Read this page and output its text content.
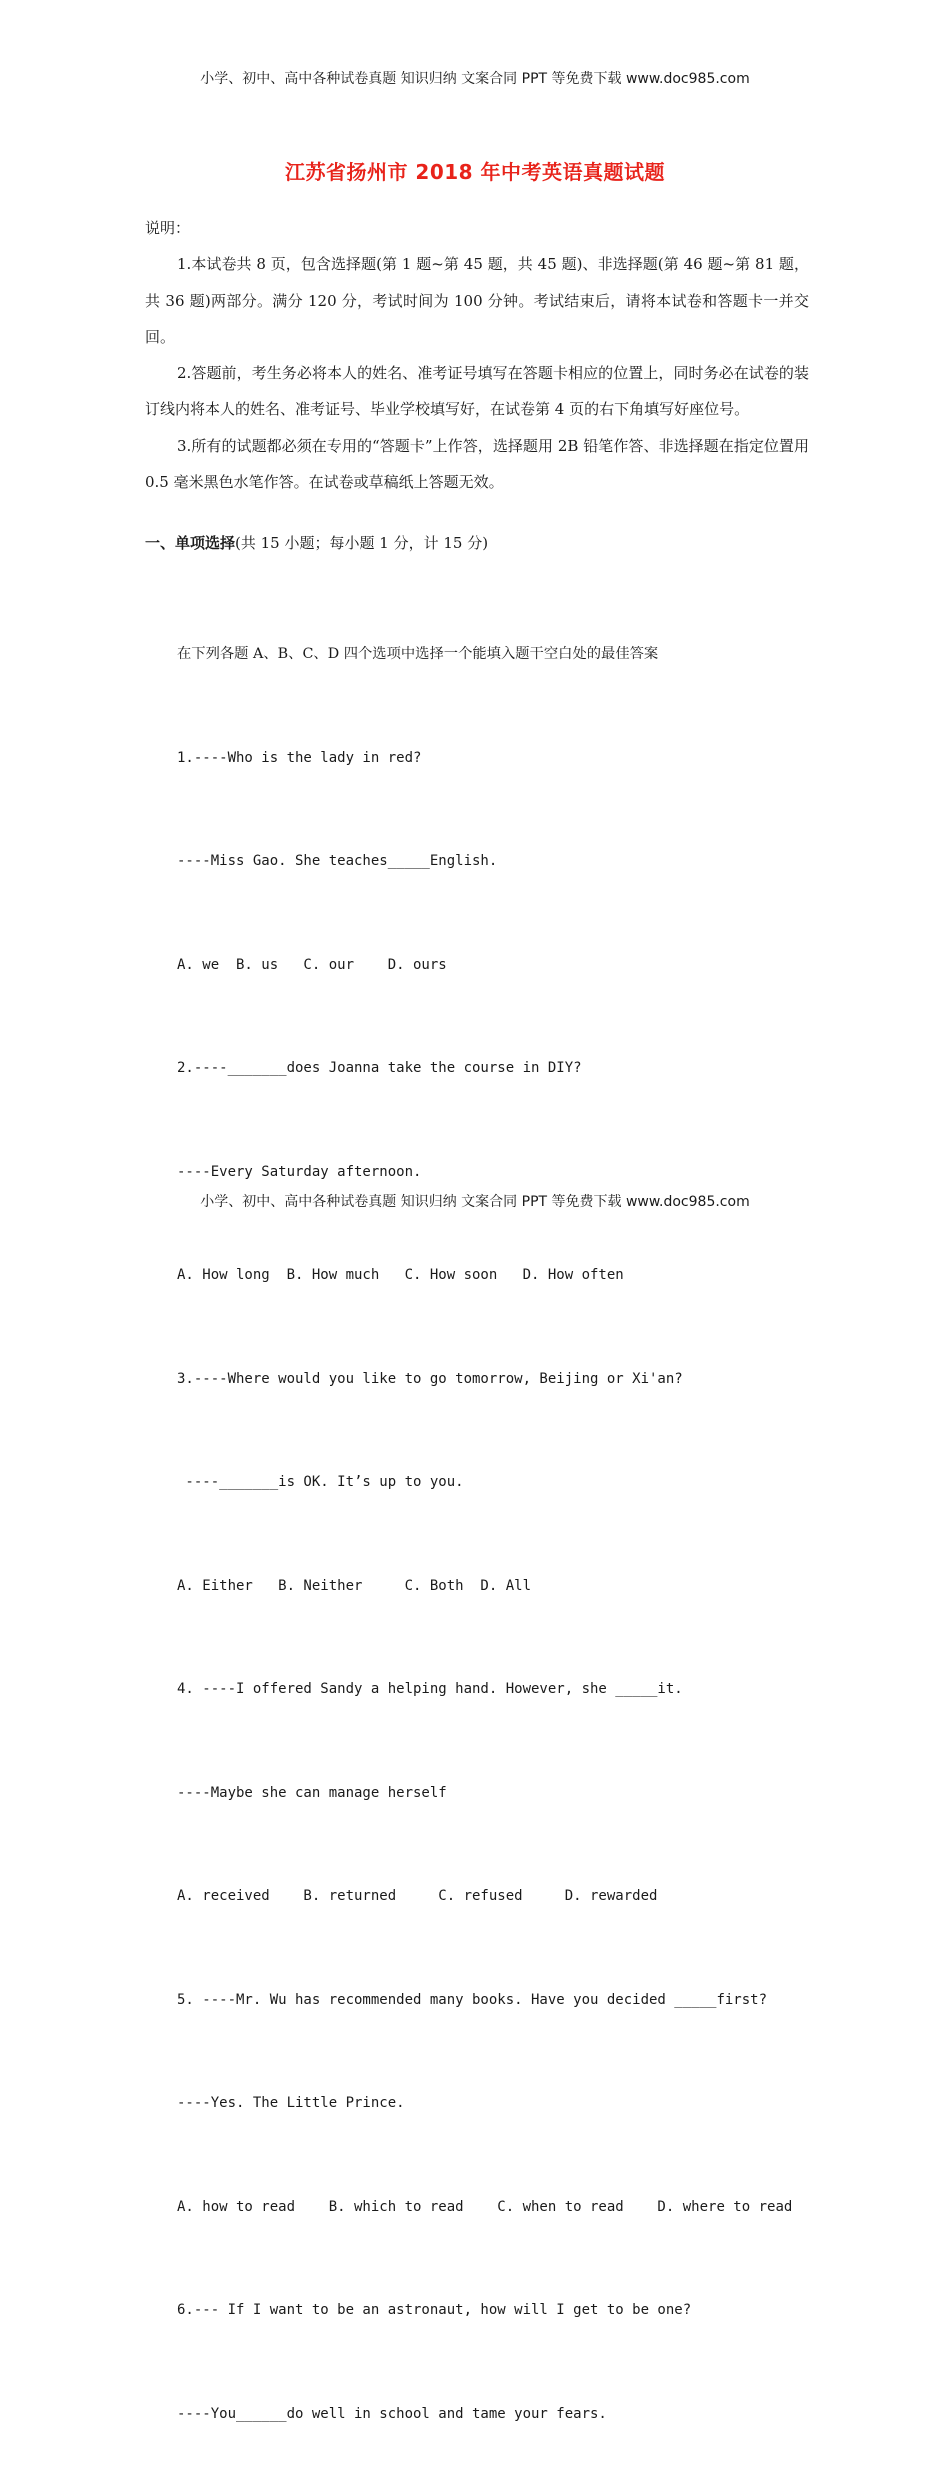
小学、初中、高中各种试卷真题 知识归纳 文案合同 PPT 等免费下载 www.doc985.com
江苏省扬州市 2018 年中考英语真题试题
说明：

1.本试卷共 8 页，包含选择题(第 1 题~第 45 题，共 45 题)、非选择题(第 46 题~第 81 题，共 36 题)两部分。满分 120 分，考试时间为 100 分钟。考试结束后，请将本试卷和答题卡一并交回。

2.答题前，考生务必将本人的姓名、准考证号填写在答题卡相应的位置上，同时务必在试卷的装订线内将本人的姓名、准考证号、毕业学校填写好，在试卷第 4 页的右下角填写好座位号。

3.所有的试题都必须在专用的“答题卡”上作答，选择题用 2B 铅笔作答、非选择题在指定位置用 0.5 毫米黑色水笔作答。在试卷或草稿纸上答题无效。

一、单项选择(共 15 小题；每小题 1 分，计 15 分)

在下列各题 A、B、C、D 四个选项中选择一个能填入题干空白处的最佳答案

1.----Who is the lady in red?

----Miss Gao. She teaches_____English.

A. we  B. us   C. our    D. ours

2.----_______does Joanna take the course in DIY?

----Every Saturday afternoon.

A. How long  B. How much   C. How soon   D. How often

3.----Where would you like to go tomorrow, Beijing or Xi'an?

----_______is OK. It’s up to you.

A. Either   B. Neither     C. Both  D. All

4. ----I offered Sandy a helping hand. However, she _____it.

----Maybe she can manage herself

A. received    B. returned     C. refused     D. rewarded

5. ----Mr. Wu has recommended many books. Have you decided _____first?

----Yes. The Little Prince.

A. how to read    B. which to read    C. when to read    D. where to read

6.--- If I want to be an astronaut, how will I get to be one?

----You______do well in school and tame your fears.

小学、初中、高中各种试卷真题 知识归纳 文案合同 PPT 等免费下载 www.doc985.com
